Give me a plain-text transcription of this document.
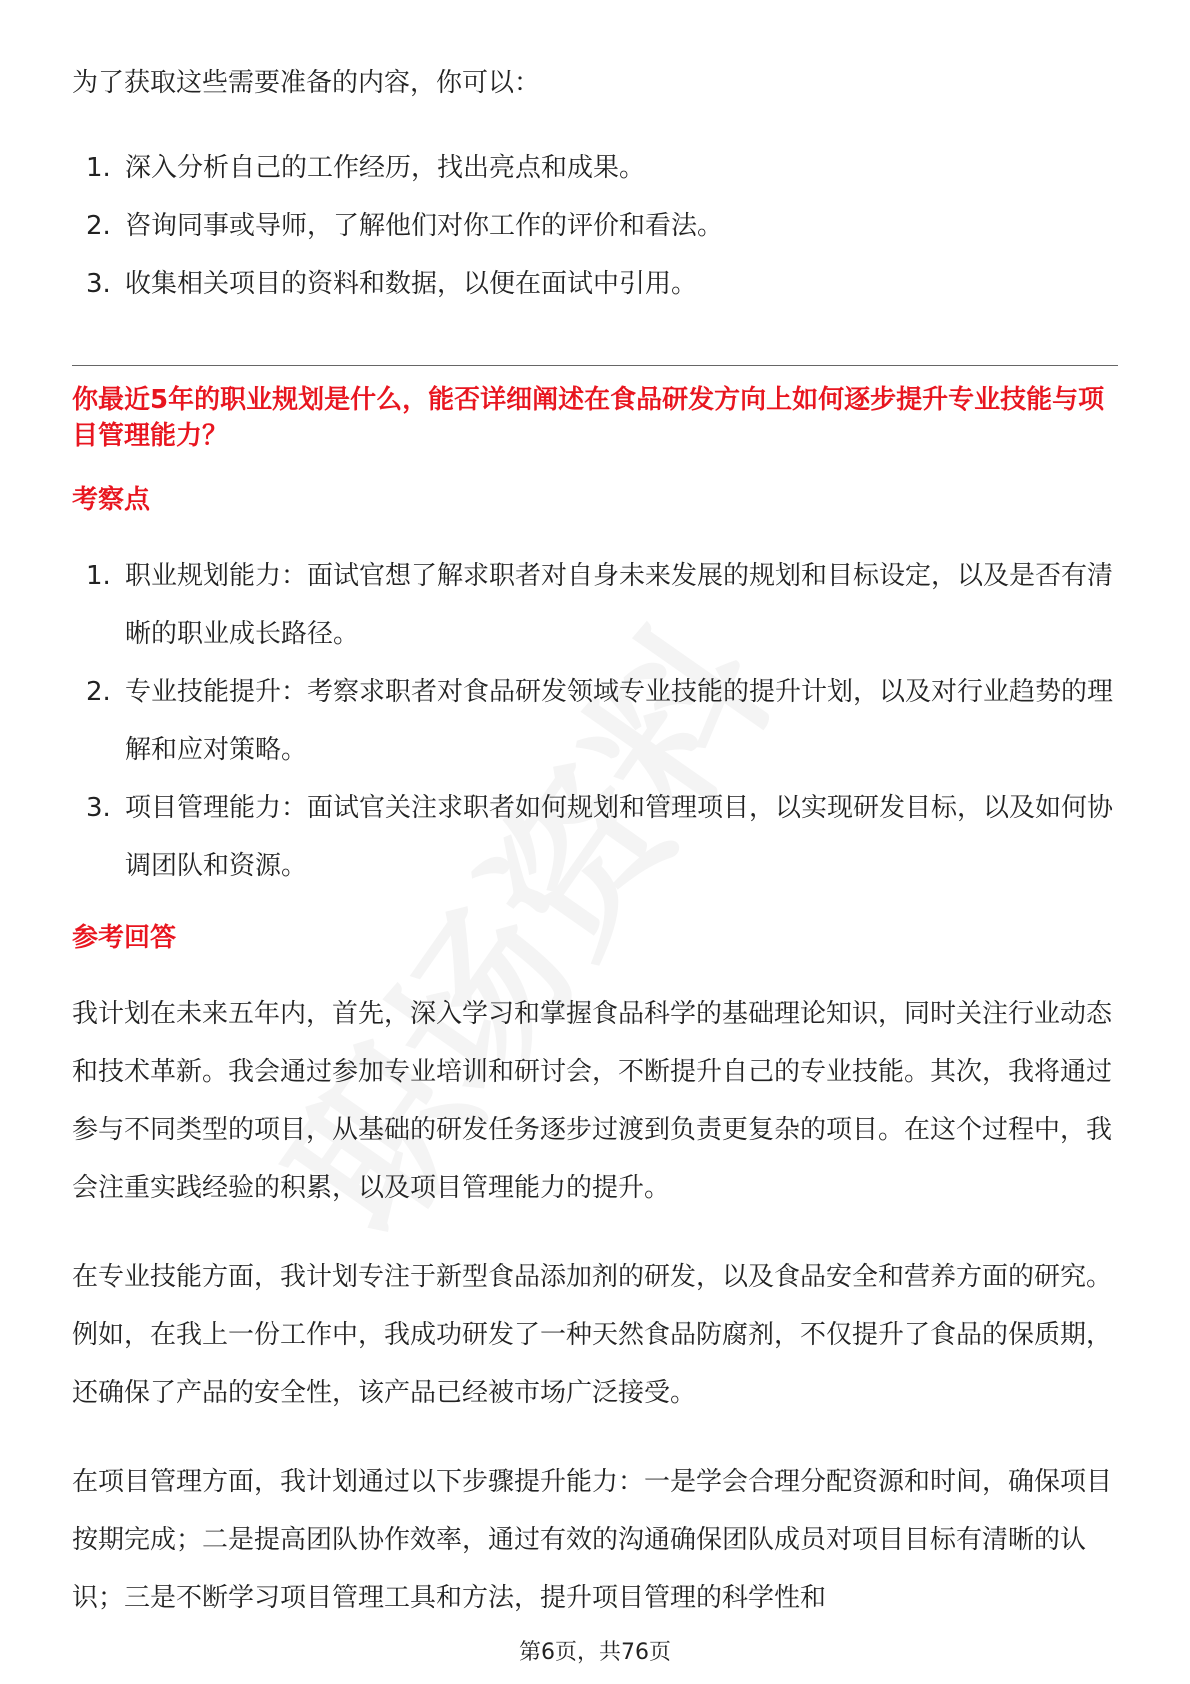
为了获取这些需要准备的内容，你可以：

1. 深入分析自己的工作经历，找出亮点和成果。
2. 咨询同事或导师，了解他们对你工作的评价和看法。
3. 收集相关项目的资料和数据，以便在面试中引用。

你最近5年的职业规划是什么，能否详细阐述在食品研发方向上如何逐步提升专业技能与项目管理能力？

考察点

1. 职业规划能力：面试官想了解求职者对自身未来发展的规划和目标设定，以及是否有清晰的职业成长路径。
2. 专业技能提升：考察求职者对食品研发领域专业技能的提升计划，以及对行业趋势的理解和应对策略。
3. 项目管理能力：面试官关注求职者如何规划和管理项目，以实现研发目标，以及如何协调团队和资源。

参考回答

我计划在未来五年内，首先，深入学习和掌握食品科学的基础理论知识，同时关注行业动态和技术革新。我会通过参加专业培训和研讨会，不断提升自己的专业技能。其次，我将通过参与不同类型的项目，从基础的研发任务逐步过渡到负责更复杂的项目。在这个过程中，我会注重实践经验的积累，以及项目管理能力的提升。

在专业技能方面，我计划专注于新型食品添加剂的研发，以及食品安全和营养方面的研究。例如，在我上一份工作中，我成功研发了一种天然食品防腐剂，不仅提升了食品的保质期，还确保了产品的安全性，该产品已经被市场广泛接受。

在项目管理方面，我计划通过以下步骤提升能力：一是学会合理分配资源和时间，确保项目按期完成；二是提高团队协作效率，通过有效的沟通确保团队成员对项目目标有清晰的认识；三是不断学习项目管理工具和方法，提升项目管理的科学性和

第6页，共76页
